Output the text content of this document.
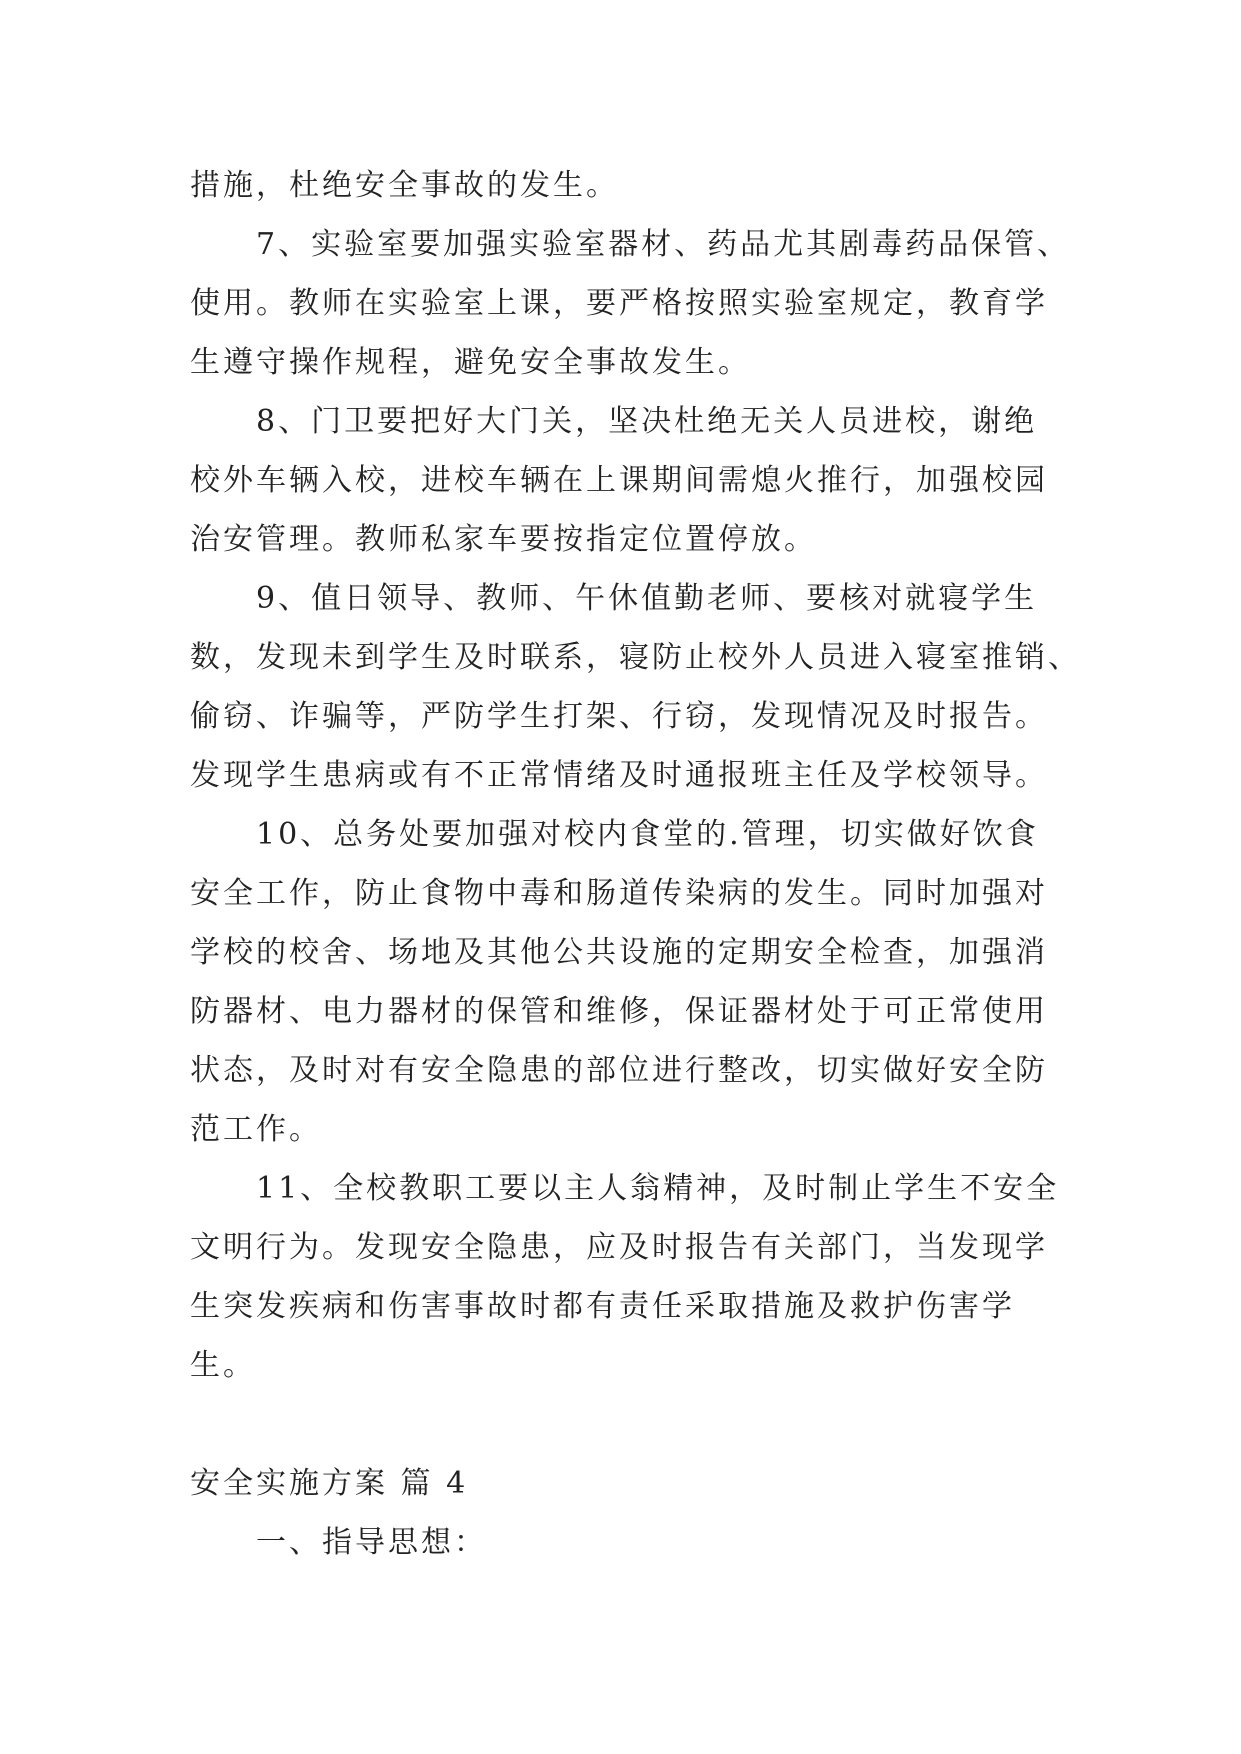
措施，杜绝安全事故的发生。
7、实验室要加强实验室器材、药品尤其剧毒药品保管、
使用。教师在实验室上课，要严格按照实验室规定，教育学
生遵守操作规程，避免安全事故发生。
8、门卫要把好大门关，坚决杜绝无关人员进校，谢绝
校外车辆入校，进校车辆在上课期间需熄火推行，加强校园
治安管理。教师私家车要按指定位置停放。
9、值日领导、教师、午休值勤老师、要核对就寝学生
数，发现未到学生及时联系，寝防止校外人员进入寝室推销、
偷窃、诈骗等，严防学生打架、行窃，发现情况及时报告。
发现学生患病或有不正常情绪及时通报班主任及学校领导。
10、总务处要加强对校内食堂的.管理，切实做好饮食
安全工作，防止食物中毒和肠道传染病的发生。同时加强对
学校的校舍、场地及其他公共设施的定期安全检查，加强消
防器材、电力器材的保管和维修，保证器材处于可正常使用
状态，及时对有安全隐患的部位进行整改，切实做好安全防
范工作。
11、全校教职工要以主人翁精神，及时制止学生不安全
文明行为。发现安全隐患，应及时报告有关部门，当发现学
生突发疾病和伤害事故时都有责任采取措施及救护伤害学
生。
安全实施方案 篇 4
一、指导思想：
